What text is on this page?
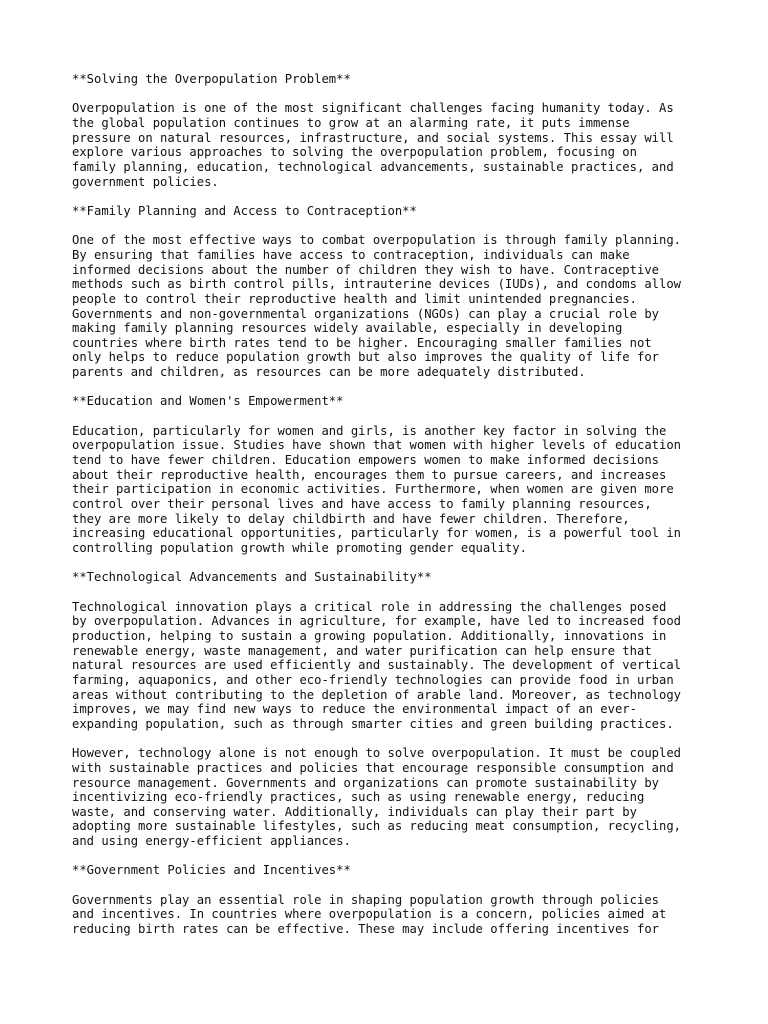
**Solving the Overpopulation Problem**
Overpopulation is one of the most significant challenges facing humanity today. As
the global population continues to grow at an alarming rate, it puts immense
pressure on natural resources, infrastructure, and social systems. This essay will
explore various approaches to solving the overpopulation problem, focusing on
family planning, education, technological advancements, sustainable practices, and
government policies.
**Family Planning and Access to Contraception**
One of the most effective ways to combat overpopulation is through family planning.
By ensuring that families have access to contraception, individuals can make
informed decisions about the number of children they wish to have. Contraceptive
methods such as birth control pills, intrauterine devices (IUDs), and condoms allow
people to control their reproductive health and limit unintended pregnancies.
Governments and non-governmental organizations (NGOs) can play a crucial role by
making family planning resources widely available, especially in developing
countries where birth rates tend to be higher. Encouraging smaller families not
only helps to reduce population growth but also improves the quality of life for
parents and children, as resources can be more adequately distributed.
**Education and Women's Empowerment**
Education, particularly for women and girls, is another key factor in solving the
overpopulation issue. Studies have shown that women with higher levels of education
tend to have fewer children. Education empowers women to make informed decisions
about their reproductive health, encourages them to pursue careers, and increases
their participation in economic activities. Furthermore, when women are given more
control over their personal lives and have access to family planning resources,
they are more likely to delay childbirth and have fewer children. Therefore,
increasing educational opportunities, particularly for women, is a powerful tool in
controlling population growth while promoting gender equality.
**Technological Advancements and Sustainability**
Technological innovation plays a critical role in addressing the challenges posed
by overpopulation. Advances in agriculture, for example, have led to increased food
production, helping to sustain a growing population. Additionally, innovations in
renewable energy, waste management, and water purification can help ensure that
natural resources are used efficiently and sustainably. The development of vertical
farming, aquaponics, and other eco-friendly technologies can provide food in urban
areas without contributing to the depletion of arable land. Moreover, as technology
improves, we may find new ways to reduce the environmental impact of an ever-
expanding population, such as through smarter cities and green building practices.
However, technology alone is not enough to solve overpopulation. It must be coupled
with sustainable practices and policies that encourage responsible consumption and
resource management. Governments and organizations can promote sustainability by
incentivizing eco-friendly practices, such as using renewable energy, reducing
waste, and conserving water. Additionally, individuals can play their part by
adopting more sustainable lifestyles, such as reducing meat consumption, recycling,
and using energy-efficient appliances.
**Government Policies and Incentives**
Governments play an essential role in shaping population growth through policies
and incentives. In countries where overpopulation is a concern, policies aimed at
reducing birth rates can be effective. These may include offering incentives for
